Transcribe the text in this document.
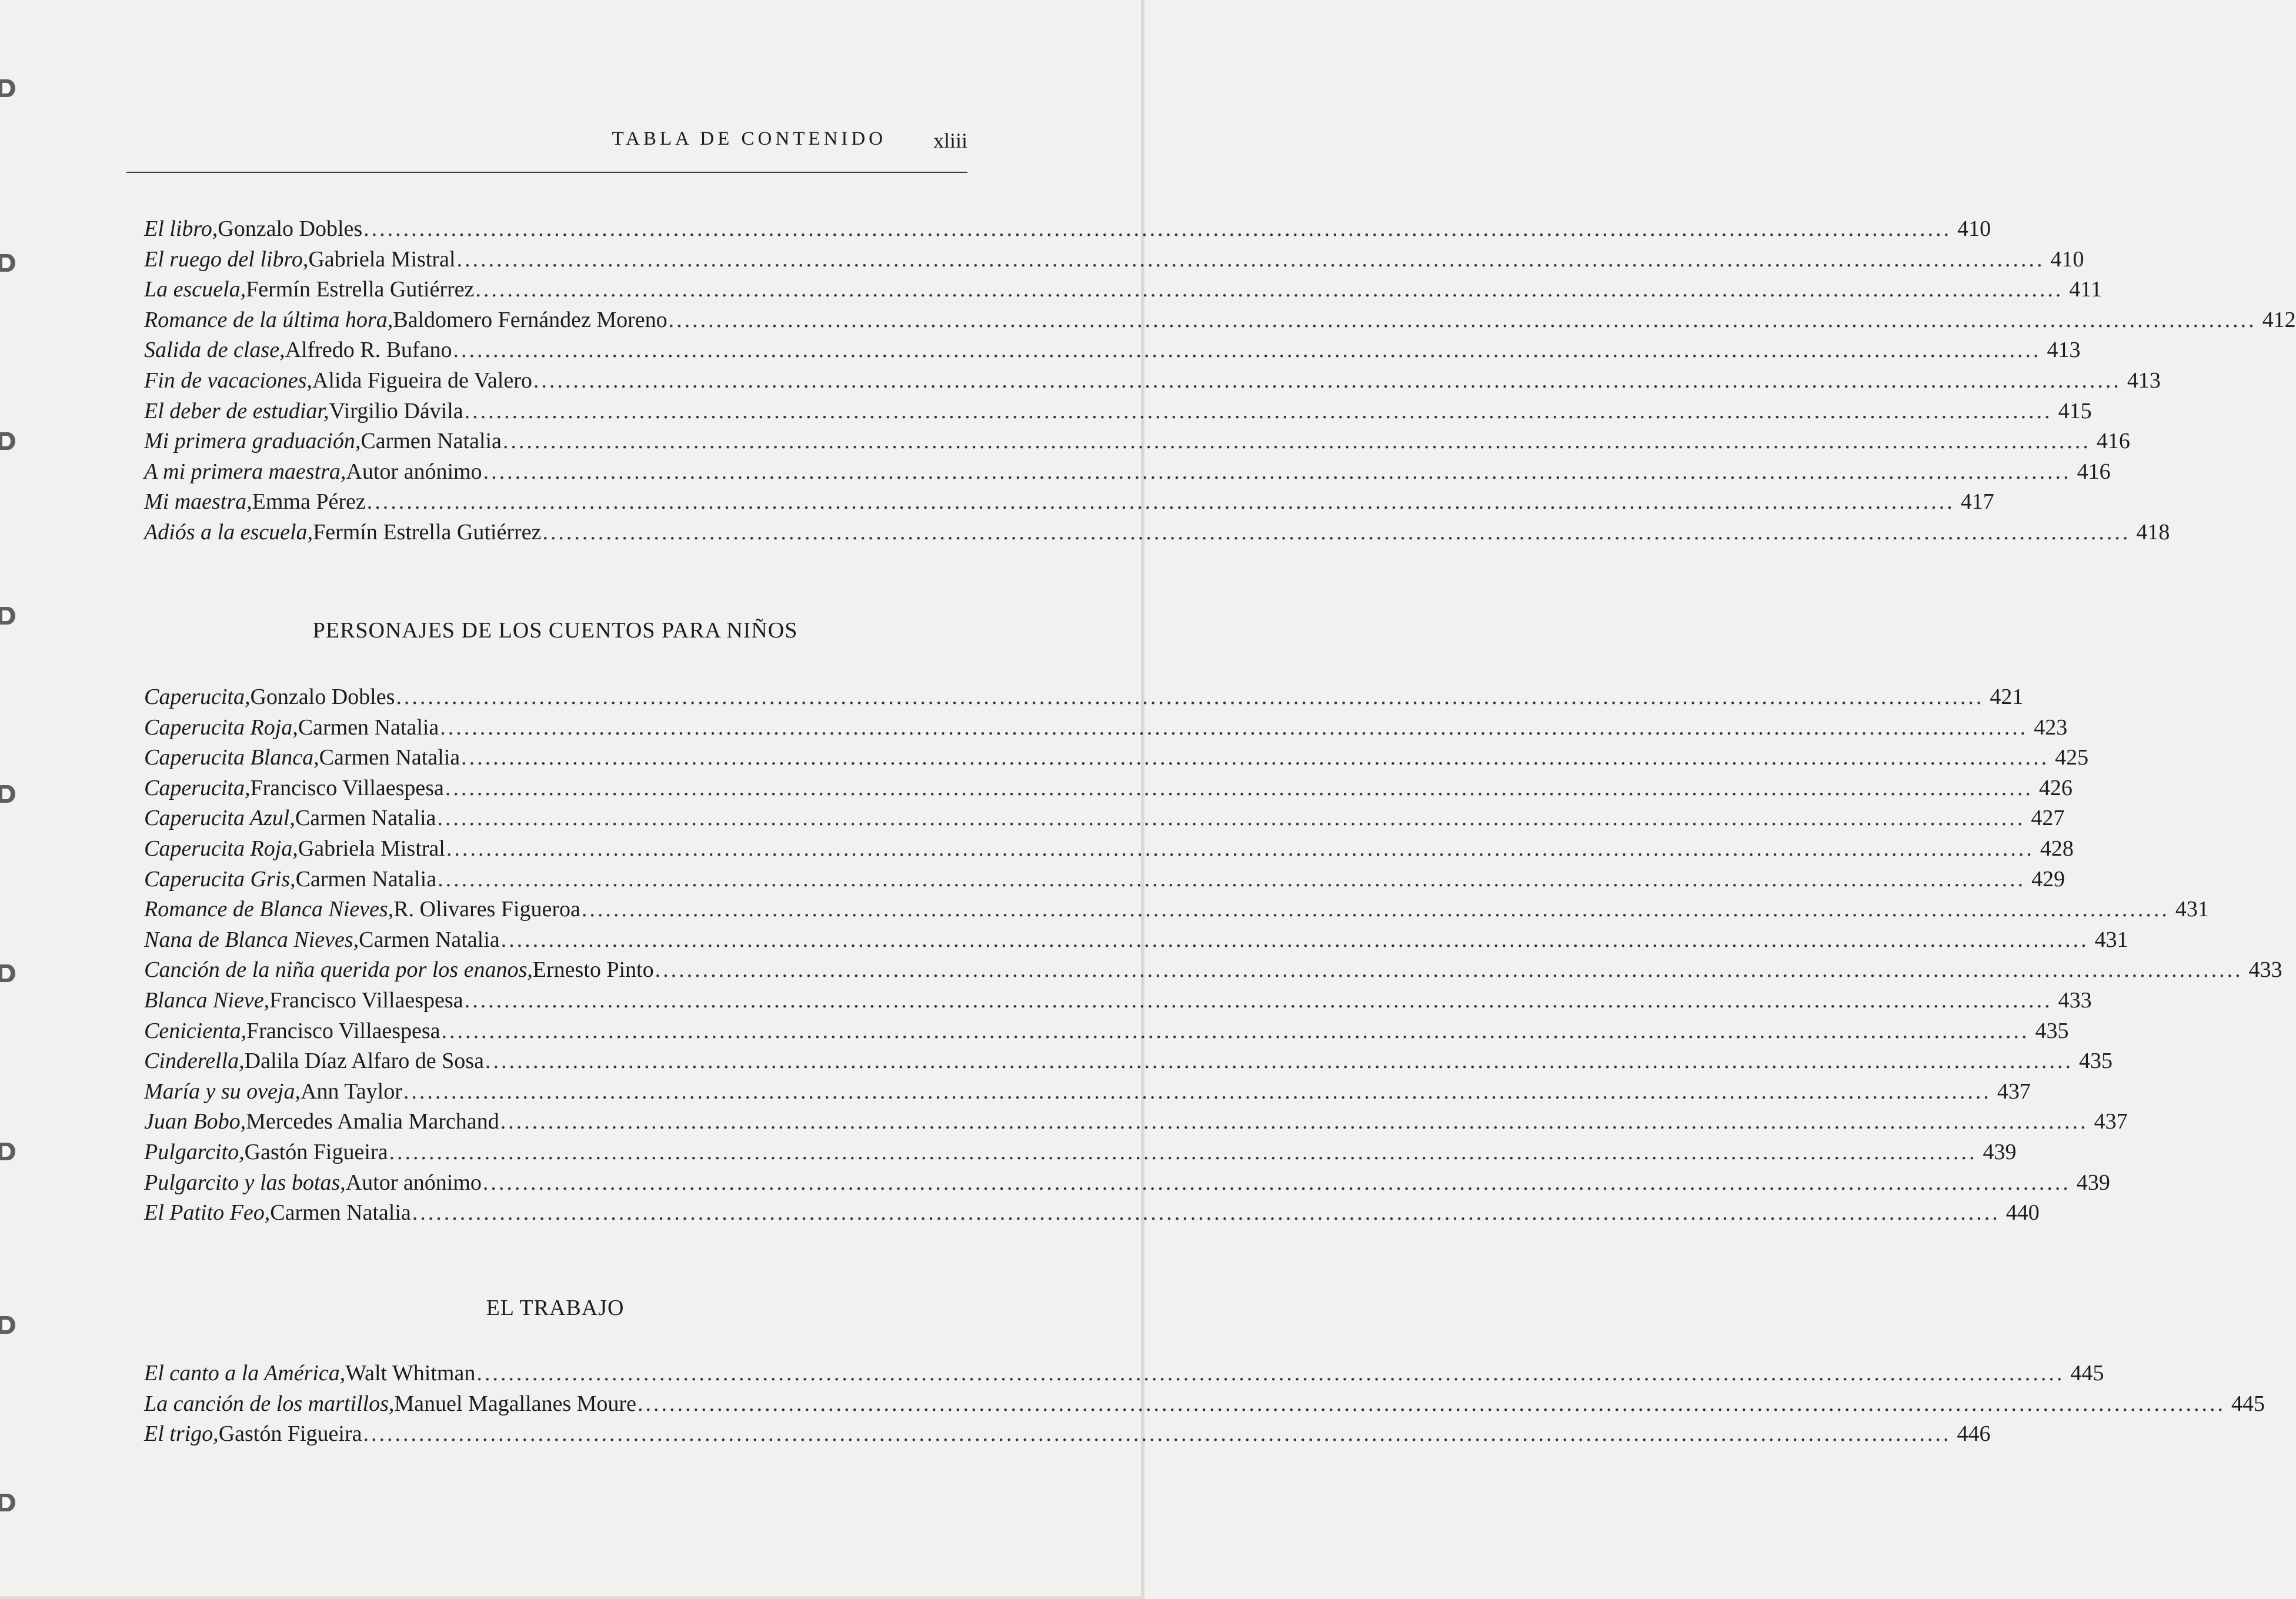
TABLA DE CONTENIDO xliii
El libro, Gonzalo Dobles ........................................................................................................................................................................................................ 410
El ruego del libro, Gabriela Mistral ........................................................................................................................................................................................................ 410
La escuela, Fermín Estrella Gutiérrez ........................................................................................................................................................................................................ 411
Romance de la última hora, Baldomero Fernández Moreno ........................................................................................................................................................................................................ 412
Salida de clase, Alfredo R. Bufano ........................................................................................................................................................................................................ 413
Fin de vacaciones, Alida Figueira de Valero ........................................................................................................................................................................................................ 413
El deber de estudiar, Virgilio Dávila ........................................................................................................................................................................................................ 415
Mi primera graduación, Carmen Natalia ........................................................................................................................................................................................................ 416
A mi primera maestra, Autor anónimo ........................................................................................................................................................................................................ 416
Mi maestra, Emma Pérez ........................................................................................................................................................................................................ 417
Adiós a la escuela, Fermín Estrella Gutiérrez ........................................................................................................................................................................................................ 418
PERSONAJES DE LOS CUENTOS PARA NIÑOS
Caperucita, Gonzalo Dobles ........................................................................................................................................................................................................ 421
Caperucita Roja, Carmen Natalia ........................................................................................................................................................................................................ 423
Caperucita Blanca, Carmen Natalia ........................................................................................................................................................................................................ 425
Caperucita, Francisco Villaespesa ........................................................................................................................................................................................................ 426
Caperucita Azul, Carmen Natalia ........................................................................................................................................................................................................ 427
Caperucita Roja, Gabriela Mistral ........................................................................................................................................................................................................ 428
Caperucita Gris, Carmen Natalia ........................................................................................................................................................................................................ 429
Romance de Blanca Nieves, R. Olivares Figueroa ........................................................................................................................................................................................................ 431
Nana de Blanca Nieves, Carmen Natalia ........................................................................................................................................................................................................ 431
Canción de la niña querida por los enanos, Ernesto Pinto ........................................................................................................................................................................................................ 433
Blanca Nieve, Francisco Villaespesa ........................................................................................................................................................................................................ 433
Cenicienta, Francisco Villaespesa ........................................................................................................................................................................................................ 435
Cinderella, Dalila Díaz Alfaro de Sosa ........................................................................................................................................................................................................ 435
María y su oveja, Ann Taylor ........................................................................................................................................................................................................ 437
Juan Bobo, Mercedes Amalia Marchand ........................................................................................................................................................................................................ 437
Pulgarcito, Gastón Figueira ........................................................................................................................................................................................................ 439
Pulgarcito y las botas, Autor anónimo ........................................................................................................................................................................................................ 439
El Patito Feo, Carmen Natalia ........................................................................................................................................................................................................ 440
EL TRABAJO
El canto a la América, Walt Whitman ........................................................................................................................................................................................................ 445
La canción de los martillos, Manuel Magallanes Moure ........................................................................................................................................................................................................ 445
El trigo, Gastón Figueira ........................................................................................................................................................................................................ 446
